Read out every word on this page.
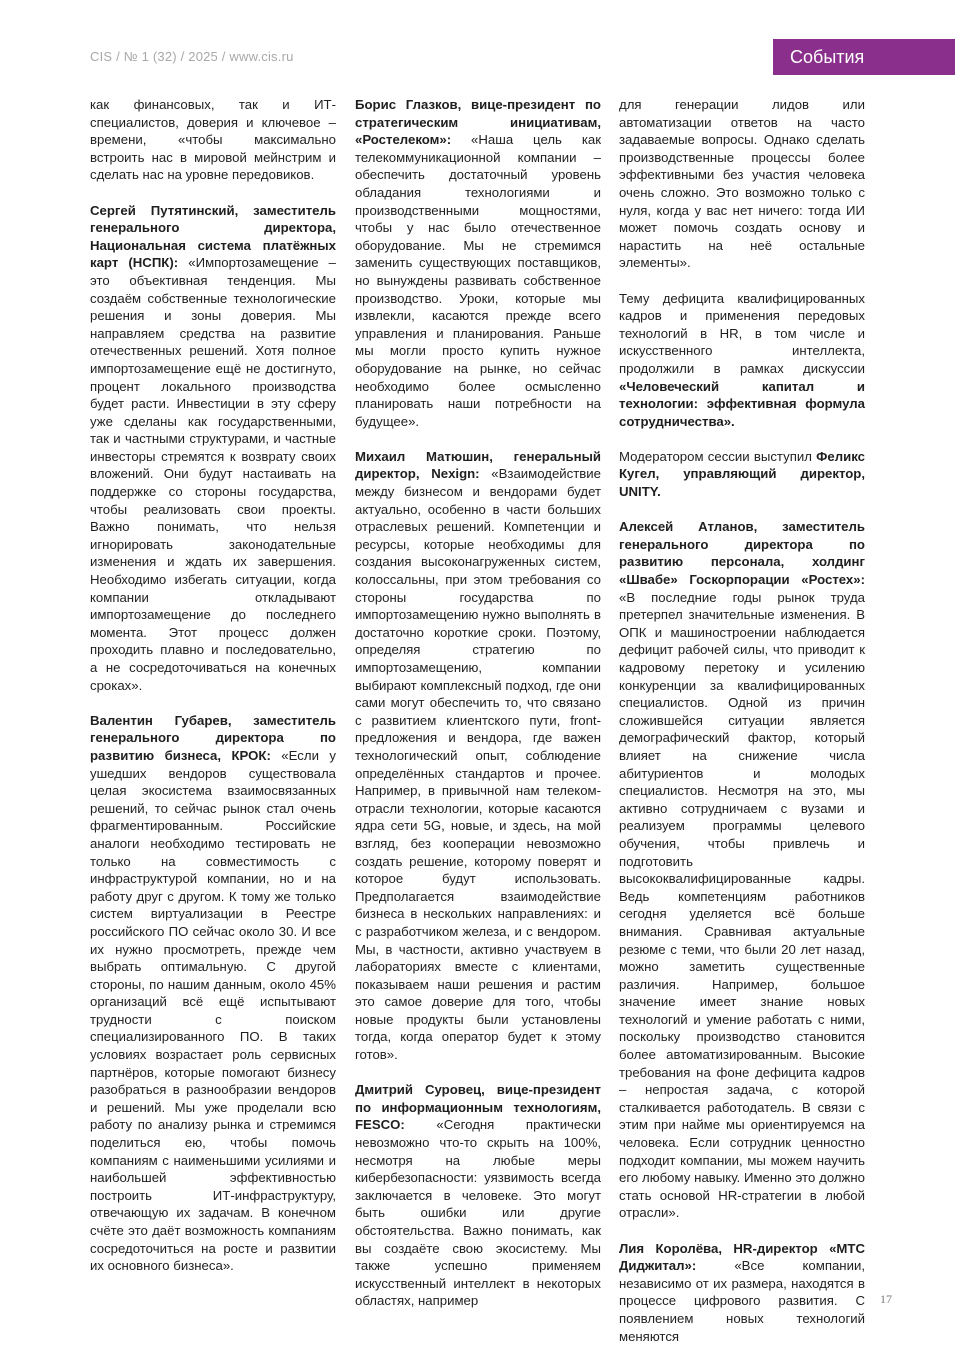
CIS / № 1 (32) / 2025 / www.cis.ru	События

как финансовых, так и ИТ-специалистов, доверия и ключевое – времени, «чтобы максимально встроить нас в мировой мейнстрим и сделать нас на уровне передовиков.

Сергей Путятинский, заместитель генерального директора, Национальная система платёжных карт (НСПК): «Импортозамещение – это объективная тенденция. Мы создаём собственные технологические решения и зоны доверия. Мы направляем средства на развитие отечественных решений. Хотя полное импортозамещение ещё не достигнуто, процент локального производства будет расти. Инвестиции в эту сферу уже сделаны как государственными, так и частными структурами, и частные инвесторы стремятся к возврату своих вложений. Они будут настаивать на поддержке со стороны государства, чтобы реализовать свои проекты. Важно понимать, что нельзя игнорировать законодательные изменения и ждать их завершения. Необходимо избегать ситуации, когда компании откладывают импортозамещение до последнего момента. Этот процесс должен проходить плавно и последовательно, а не сосредоточиваться на конечных сроках».

Валентин Губарев, заместитель генерального директора по развитию бизнеса, КРОК: «Если у ушедших вендоров существовала целая экосистема взаимосвязанных решений, то сейчас рынок стал очень фрагментированным. Российские аналоги необходимо тестировать не только на совместимость с инфраструктурой компании, но и на работу друг с другом. К тому же только систем виртуализации в Реестре российского ПО сейчас около 30. И все их нужно просмотреть, прежде чем выбрать оптимальную. С другой стороны, по нашим данным, около 45% организаций всё ещё испытывают трудности с поиском специализированного ПО. В таких условиях возрастает роль сервисных партнёров, которые помогают бизнесу разобраться в разнообразии вендоров и решений. Мы уже проделали всю работу по анализу рынка и стремимся поделиться ею, чтобы помочь компаниям с наименьшими усилиями и наибольшей эффективностью построить ИТ-инфраструктуру, отвечающую их задачам. В конечном счёте это даёт возможность компаниям сосредоточиться на росте и развитии их основного бизнеса».

Борис Глазков, вице-президент по стратегическим инициативам, «Ростелеком»: «Наша цель как телекоммуникационной компании – обеспечить достаточный уровень обладания технологиями и производственными мощностями, чтобы у нас было отечественное оборудование. Мы не стремимся заменить существующих поставщиков, но вынуждены развивать собственное производство. Уроки, которые мы извлекли, касаются прежде всего управления и планирования. Раньше мы могли просто купить нужное оборудование на рынке, но сейчас необходимо более осмысленно планировать наши потребности на будущее».

Михаил Матюшин, генеральный директор, Nexign: «Взаимодействие между бизнесом и вендорами будет актуально, особенно в части больших отраслевых решений. Компетенции и ресурсы, которые необходимы для создания высоконагруженных систем, колоссальны, при этом требования со стороны государства по импортозамещению нужно выполнять в достаточно короткие сроки. Поэтому, определяя стратегию по импортозамещению, компании выбирают комплексный подход, где они сами могут обеспечить то, что связано с развитием клиентского пути, front-предложения и вендора, где важен технологический опыт, соблюдение определённых стандартов и прочее. Например, в привычной нам телеком-отрасли технологии, которые касаются ядра сети 5G, новые, и здесь, на мой взгляд, без кооперации невозможно создать решение, которому поверят и которое будут использовать. Предполагается взаимодействие бизнеса в нескольких направлениях: и с разработчиком железа, и с вендором. Мы, в частности, активно участвуем в лабораториях вместе с клиентами, показываем наши решения и растим это самое доверие для того, чтобы новые продукты были установлены тогда, когда оператор будет к этому готов».

Дмитрий Суровец, вице-президент по информационным технологиям, FESCO: «Сегодня практически невозможно что-то скрыть на 100%, несмотря на любые меры кибербезопасности: уязвимость всегда заключается в человеке. Это могут быть ошибки или другие обстоятельства. Важно понимать, как вы создаёте свою экосистему. Мы также успешно применяем искусственный интеллект в некоторых областях, например

для генерации лидов или автоматизации ответов на часто задаваемые вопросы. Однако сделать производственные процессы более эффективными без участия человека очень сложно. Это возможно только с нуля, когда у вас нет ничего: тогда ИИ может помочь создать основу и нарастить на неё остальные элементы».

Тему дефицита квалифицированных кадров и применения передовых технологий в HR, в том числе и искусственного интеллекта, продолжили в рамках дискуссии «Человеческий капитал и технологии: эффективная формула сотрудничества».

Модератором сессии выступил Феликс Кугел, управляющий директор, UNITY.

Алексей Атланов, заместитель генерального директора по развитию персонала, холдинг «Швабе» Госкорпорации «Ростех»: «В последние годы рынок труда претерпел значительные изменения. В ОПК и машиностроении наблюдается дефицит рабочей силы, что приводит к кадровому перетоку и усилению конкуренции за квалифицированных специалистов. Одной из причин сложившейся ситуации является демографический фактор, который влияет на снижение числа абитуриентов и молодых специалистов. Несмотря на это, мы активно сотрудничаем с вузами и реализуем программы целевого обучения, чтобы привлечь и подготовить высококвалифицированные кадры. Ведь компетенциям работников сегодня уделяется всё больше внимания. Сравнивая актуальные резюме с теми, что были 20 лет назад, можно заметить существенные различия. Например, большое значение имеет знание новых технологий и умение работать с ними, поскольку производство становится более автоматизированным. Высокие требования на фоне дефицита кадров – непростая задача, с которой сталкивается работодатель. В связи с этим при найме мы ориентируемся на человека. Если сотрудник ценностно подходит компании, мы можем научить его любому навыку. Именно это должно стать основой HR-стратегии в любой отрасли».

Лия Королёва, HR-директор «МТС Диджитал»: «Все компании, независимо от их размера, находятся в процессе цифрового развития. С появлением новых технологий меняются

17
